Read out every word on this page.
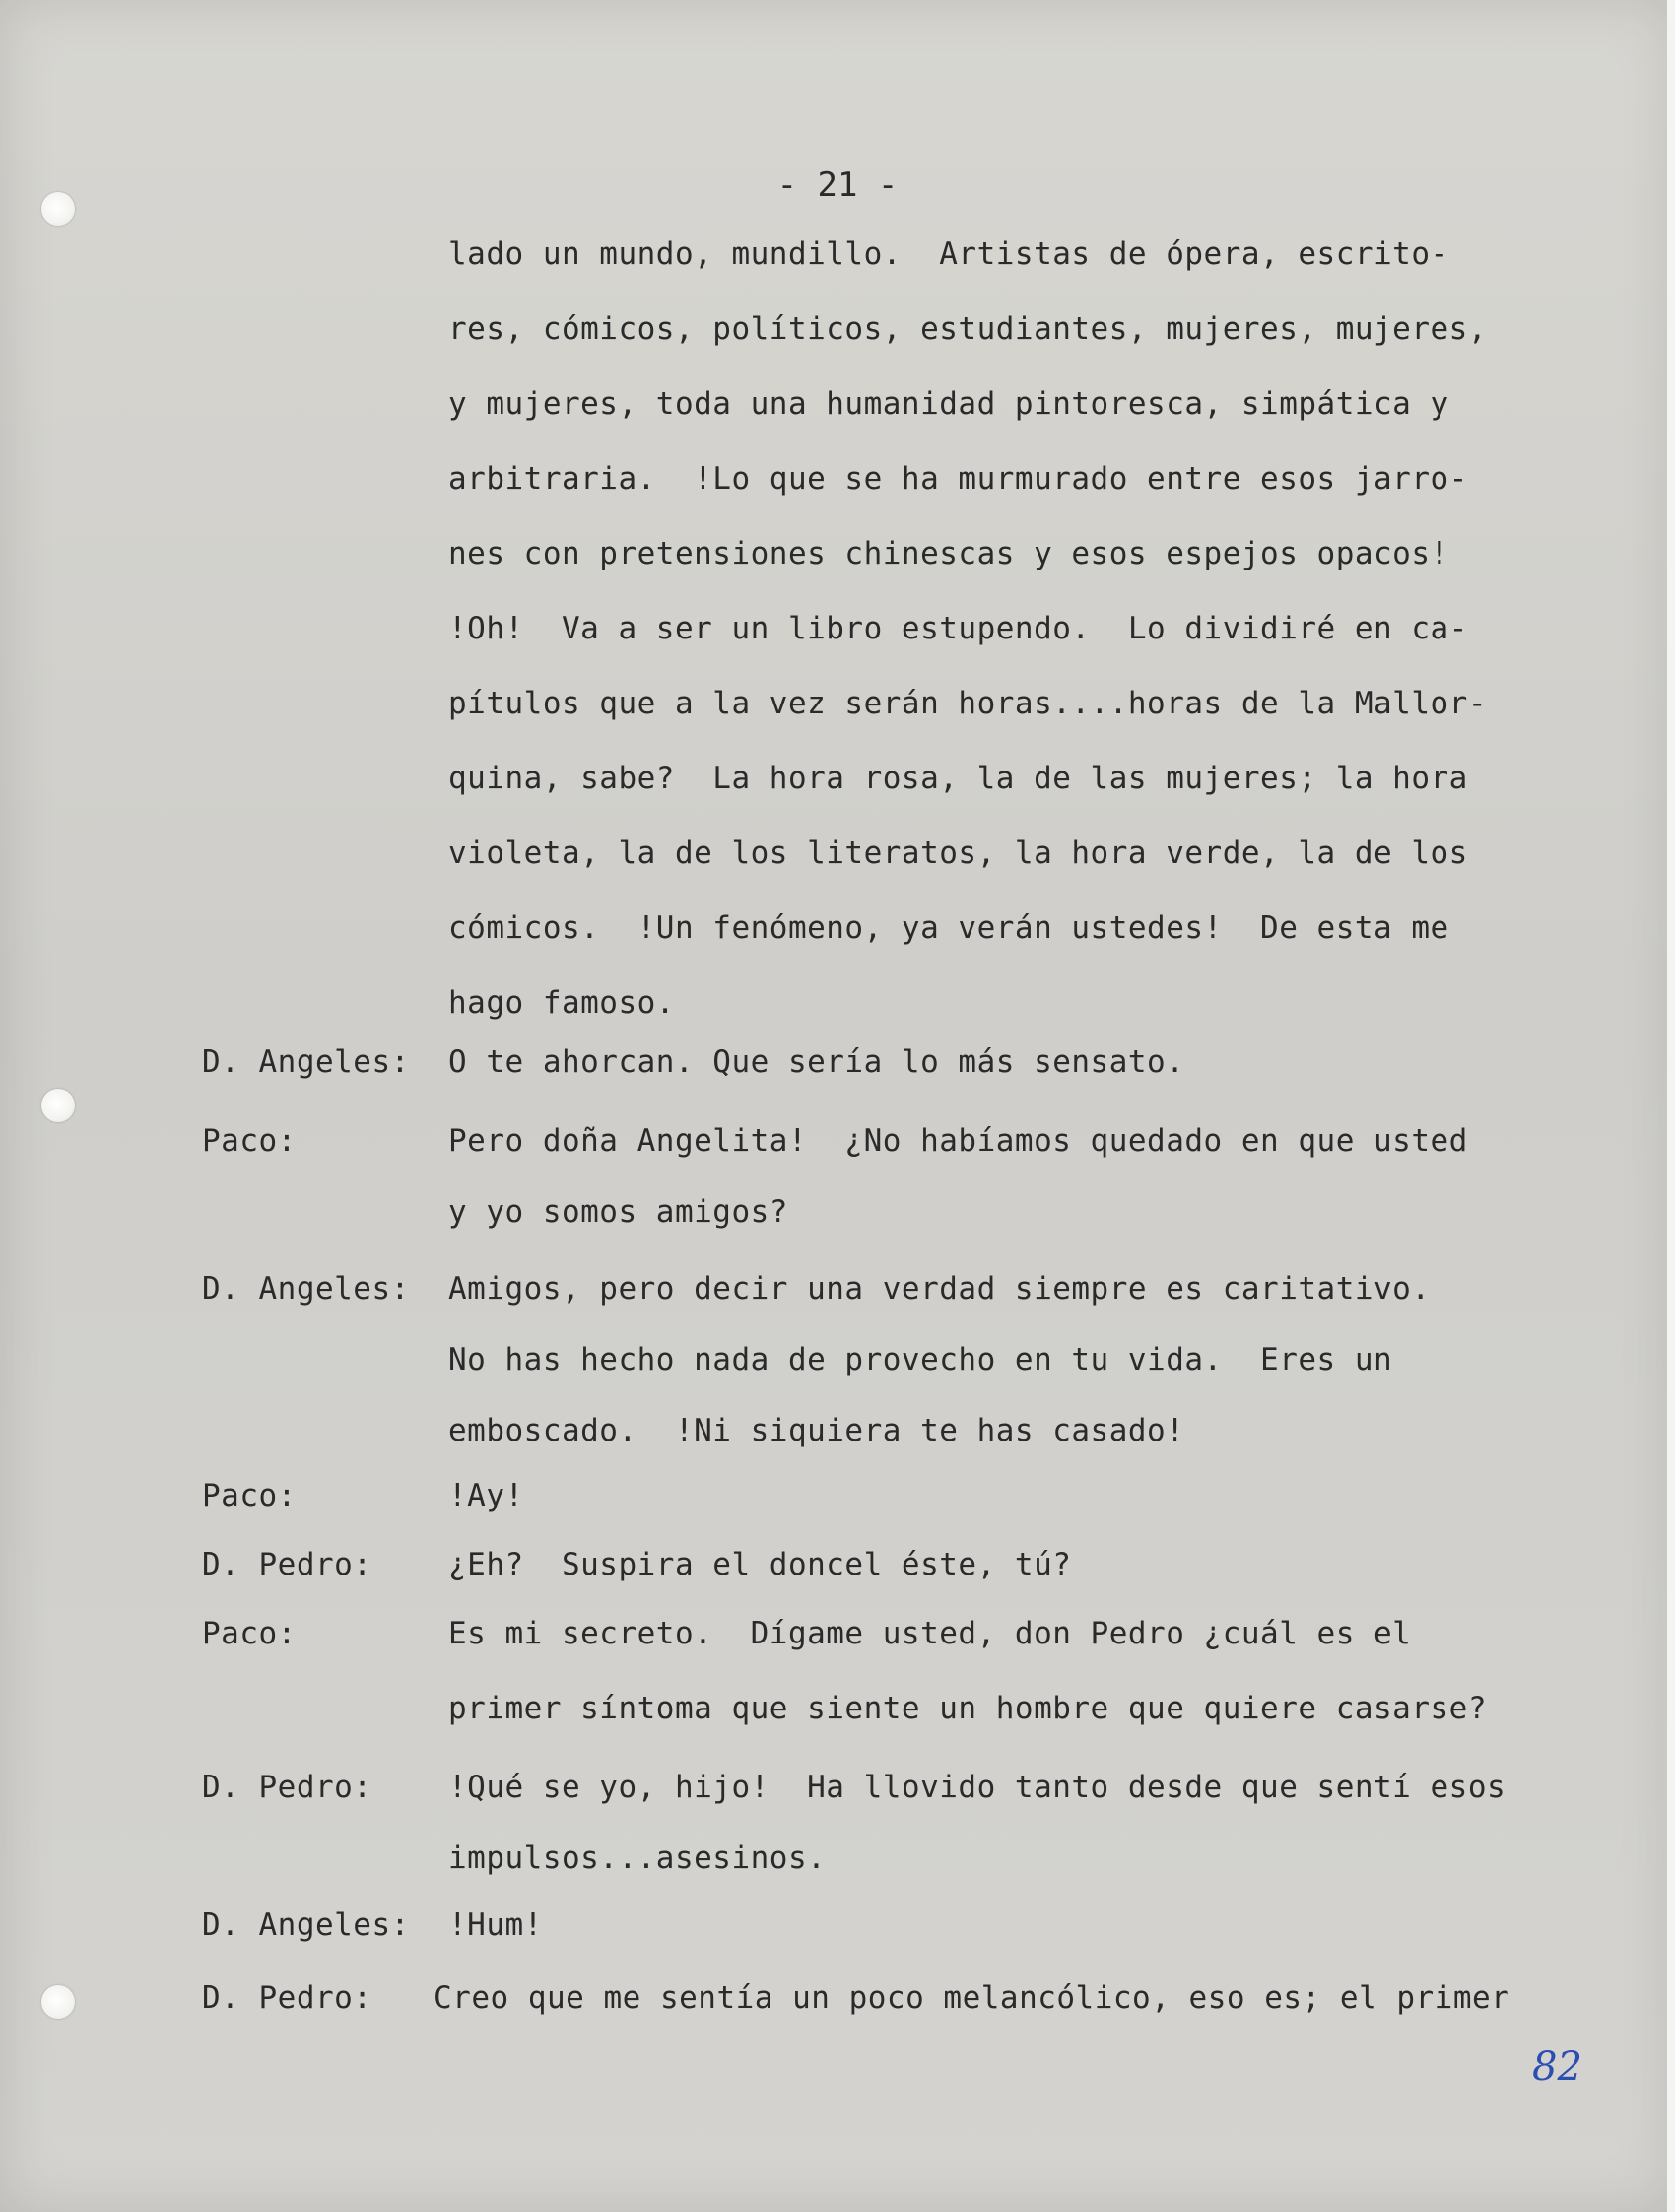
- 21 -
lado un mundo, mundillo.  Artistas de ópera, escrito-
res, cómicos, políticos, estudiantes, mujeres, mujeres,
y mujeres, toda una humanidad pintoresca, simpática y
arbitraria.  !Lo que se ha murmurado entre esos jarro-
nes con pretensiones chinescas y esos espejos opacos!
!Oh!  Va a ser un libro estupendo.  Lo dividiré en ca-
pítulos que a la vez serán horas....horas de la Mallor-
quina, sabe?  La hora rosa, la de las mujeres; la hora
violeta, la de los literatos, la hora verde, la de los
cómicos.  !Un fenómeno, ya verán ustedes!  De esta me
hago famoso.
D. Angeles: O te ahorcan. Que sería lo más sensato.
Paco:	Pero doña Angelita!  ¿No habíamos quedado en que usted
y yo somos amigos?
D. Angeles: Amigos, pero decir una verdad siempre es caritativo.
No has hecho nada de provecho en tu vida.  Eres un
emboscado.  !Ni siquiera te has casado!
Paco:	!Ay!
D. Pedro:	¿Eh?  Suspira el doncel éste, tú?
Paco:	Es mi secreto.  Dígame usted, don Pedro ¿cuál es el
primer síntoma que siente un hombre que quiere casarse?
D. Pedro:	!Qué se yo, hijo!  Ha llovido tanto desde que sentí esos
impulsos...asesinos.
D. Angeles: !Hum!
D. Pedro: Creo que me sentía un poco melancólico, eso es; el primer
82
